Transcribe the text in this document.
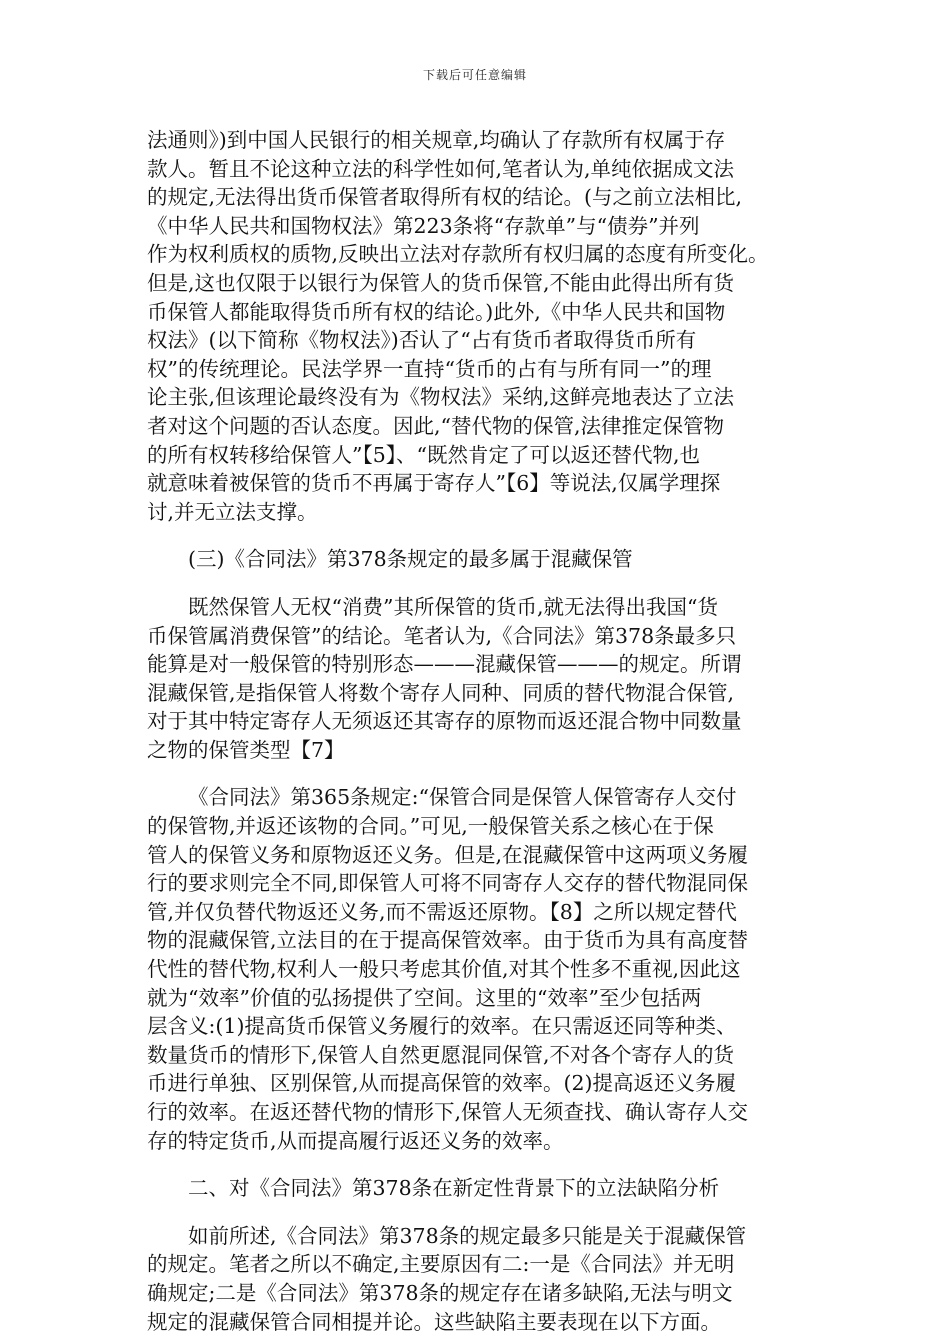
下载后可任意编辑
法通则》)到中国人民银行的相关规章,均确认了存款所有权属于存
款人。暂且不论这种立法的科学性如何,笔者认为,单纯依据成文法
的规定,无法得出货币保管者取得所有权的结论。(与之前立法相比,
《中华人民共和国物权法》第223条将“存款单”与“债券”并列
作为权利质权的质物,反映出立法对存款所有权归属的态度有所变化。
但是,这也仅限于以银行为保管人的货币保管,不能由此得出所有货
币保管人都能取得货币所有权的结论。)此外,《中华人民共和国物
权法》(以下简称《物权法》)否认了“占有货币者取得货币所有
权”的传统理论。民法学界一直持“货币的占有与所有同一”的理
论主张,但该理论最终没有为《物权法》采纳,这鲜亮地表达了立法
者对这个问题的否认态度。因此,“替代物的保管,法律推定保管物
的所有权转移给保管人”【5】、“既然肯定了可以返还替代物,也
就意味着被保管的货币不再属于寄存人”【6】等说法,仅属学理探
讨,并无立法支撑。
(三)《合同法》第378条规定的最多属于混藏保管
既然保管人无权“消费”其所保管的货币,就无法得出我国“货
币保管属消费保管”的结论。笔者认为,《合同法》第378条最多只
能算是对一般保管的特别形态———混藏保管———的规定。所谓
混藏保管,是指保管人将数个寄存人同种、同质的替代物混合保管,
对于其中特定寄存人无须返还其寄存的原物而返还混合物中同数量
之物的保管类型【7】
《合同法》第365条规定:“保管合同是保管人保管寄存人交付
的保管物,并返还该物的合同。”可见,一般保管关系之核心在于保
管人的保管义务和原物返还义务。但是,在混藏保管中这两项义务履
行的要求则完全不同,即保管人可将不同寄存人交存的替代物混同保
管,并仅负替代物返还义务,而不需返还原物。【8】之所以规定替代
物的混藏保管,立法目的在于提高保管效率。由于货币为具有高度替
代性的替代物,权利人一般只考虑其价值,对其个性多不重视,因此这
就为“效率”价值的弘扬提供了空间。这里的“效率”至少包括两
层含义:(1)提高货币保管义务履行的效率。在只需返还同等种类、
数量货币的情形下,保管人自然更愿混同保管,不对各个寄存人的货
币进行单独、区别保管,从而提高保管的效率。(2)提高返还义务履
行的效率。在返还替代物的情形下,保管人无须查找、确认寄存人交
存的特定货币,从而提高履行返还义务的效率。
二、对《合同法》第378条在新定性背景下的立法缺陷分析
如前所述,《合同法》第378条的规定最多只能是关于混藏保管
的规定。笔者之所以不确定,主要原因有二:一是《合同法》并无明
确规定;二是《合同法》第378条的规定存在诸多缺陷,无法与明文
规定的混藏保管合同相提并论。这些缺陷主要表现在以下方面。
